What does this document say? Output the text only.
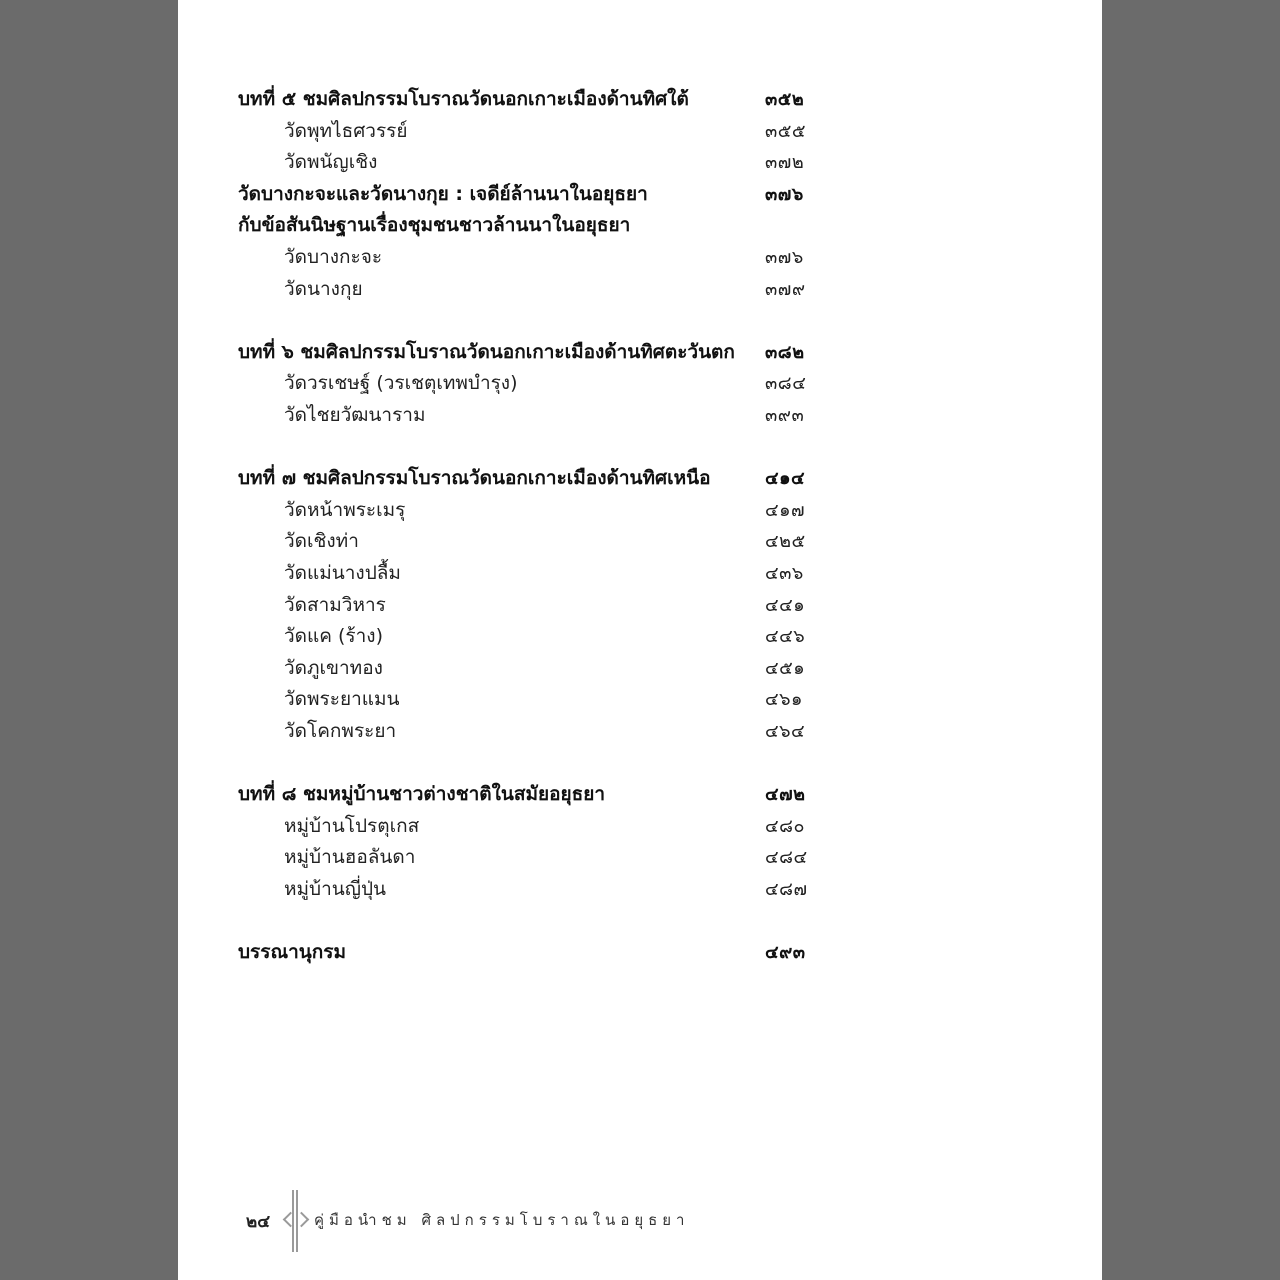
บทที่ ๕ ชมศิลปกรรมโบราณวัดนอกเกาะเมืองด้านทิศใต้	๓๕๒
วัดพุทไธศวรรย์	๓๕๕
วัดพนัญเชิง	๓๗๒
วัดบางกะจะและวัดนางกุย : เจดีย์ล้านนาในอยุธยา	๓๗๖
กับข้อสันนิษฐานเรื่องชุมชนชาวล้านนาในอยุธยา
วัดบางกะจะ	๓๗๖
วัดนางกุย	๓๗๙
บทที่ ๖ ชมศิลปกรรมโบราณวัดนอกเกาะเมืองด้านทิศตะวันตก ๓๘๒
วัดวรเชษฐ์ (วรเชตุเทพบำรุง)	๓๘๔
วัดไชยวัฒนาราม	๓๙๓
บทที่ ๗ ชมศิลปกรรมโบราณวัดนอกเกาะเมืองด้านทิศเหนือ	๔๑๔
วัดหน้าพระเมรุ	๔๑๗
วัดเชิงท่า	๔๒๕
วัดแม่นางปลื้ม	๔๓๖
วัดสามวิหาร	๔๔๑
วัดแค (ร้าง)	๔๔๖
วัดภูเขาทอง	๔๕๑
วัดพระยาแมน	๔๖๑
วัดโคกพระยา	๔๖๔
บทที่ ๘ ชมหมู่บ้านชาวต่างชาติในสมัยอยุธยา	๔๗๒
หมู่บ้านโปรตุเกส	๔๘๐
หมู่บ้านฮอลันดา	๔๘๔
หมู่บ้านญี่ปุ่น	๔๘๗
บรรณานุกรม	๔๙๓
๒๔	คู่มือนำชม ศิลปกรรมโบราณในอยุธยา
